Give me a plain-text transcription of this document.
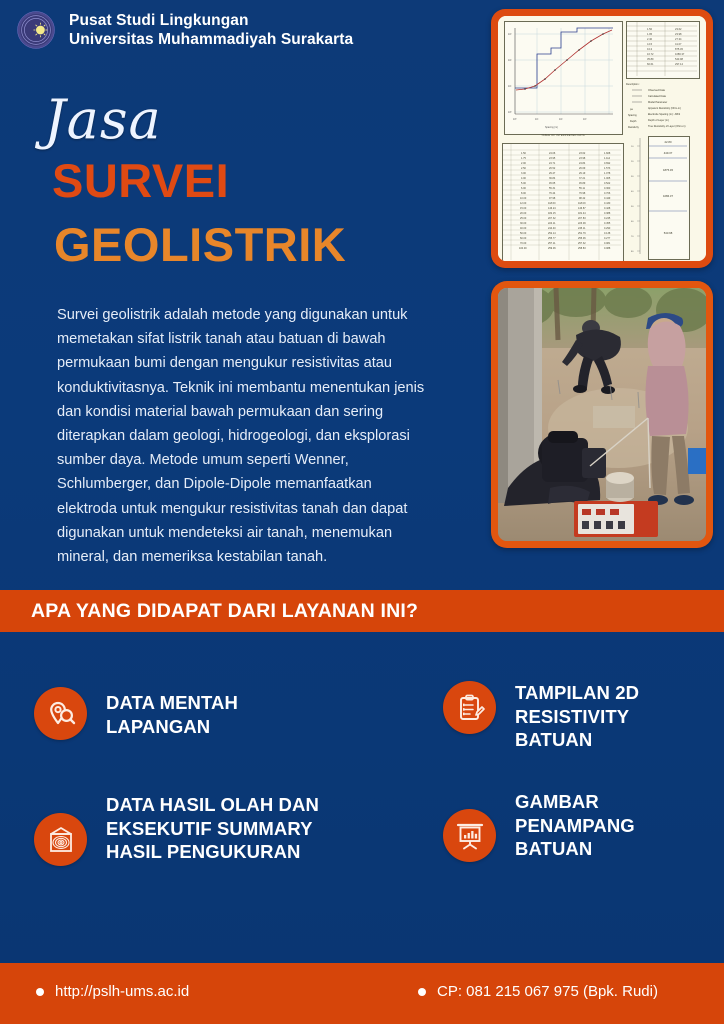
Pusat Studi Lingkungan
Universitas Muhammadiyah Surakarta
Jasa
SURVEI
GEOLISTRIK
Survei geolistrik adalah metode yang digunakan untuk memetakan sifat listrik tanah atau batuan di bawah permukaan bumi dengan mengukur resistivitas atau konduktivitasnya. Teknik ini membantu menentukan jenis dan kondisi material bawah permukaan dan sering diterapkan dalam geologi, hidrogeologi, dan eksplorasi sumber daya. Metode umum seperti Wenner, Schlumberger, dan Dipole-Dipole memanfaatkan elektroda untuk mengukur resistivitas tanah dan dapat digunakan untuk mendeteksi air tanah, menemukan mineral, dan memeriksa kestabilan tanah.
10³
10²
10¹
10⁰
10⁰	10¹	10²	10³
Spacing (m)
1.50	23.62
1.95	23.98
2.40	27.34
4.15	41.07
9.13	875.45
16.72	1086.37
35.89	543.98
60.61	297.14
Description :
Observed Data
Calculated Data
Model Parameter
Apparent Resistivity (Ohm-m)
Electrode Spacing (m) : AB/2
Depth of Layer (m)
True Resistivity of Layer (Ohm-m)
ρa
Spacing
Depth
Resistivity
TABLE OF INTERPRETED DATA
1.50	24.06	23.62	1.828
1.75	23.95	23.98	1.114
2.00	24.71	24.84	0.692
2.50	26.52	26.69	1.573
3.00	29.47	29.19	1.078
4.00	36.84	37.21	1.005
5.00	45.65	45.89	0.522
6.00	55.31	55.11	0.360
8.00	76.44	76.98	0.706
10.00	97.98	98.42	0.449
12.00	118.60	118.09	0.430
15.00	146.24	146.87	0.428
20.00	182.15	181.44	0.388
25.00	207.32	207.83	0.245
30.00	224.11	223.09	0.455
40.00	244.40	245.11	0.290
50.00	252.14	251.79	0.138
60.00	255.77	255.06	0.277
70.00	257.11	257.32	0.081
100.00	259.06	258.83	0.088
10
20
30
40
50
60
70
80
22.80
449.37
1875.45
1086.37
543.98
APA YANG DIDAPAT DARI LAYANAN INI?
DATA MENTAH
LAPANGAN
DATA HASIL OLAH DAN
EKSEKUTIF SUMMARY
HASIL PENGUKURAN
TAMPILAN 2D
RESISTIVITY
BATUAN
GAMBAR
PENAMPANG
BATUAN
http://pslh-ums.ac.id	CP: 081 215 067 975 (Bpk. Rudi)
